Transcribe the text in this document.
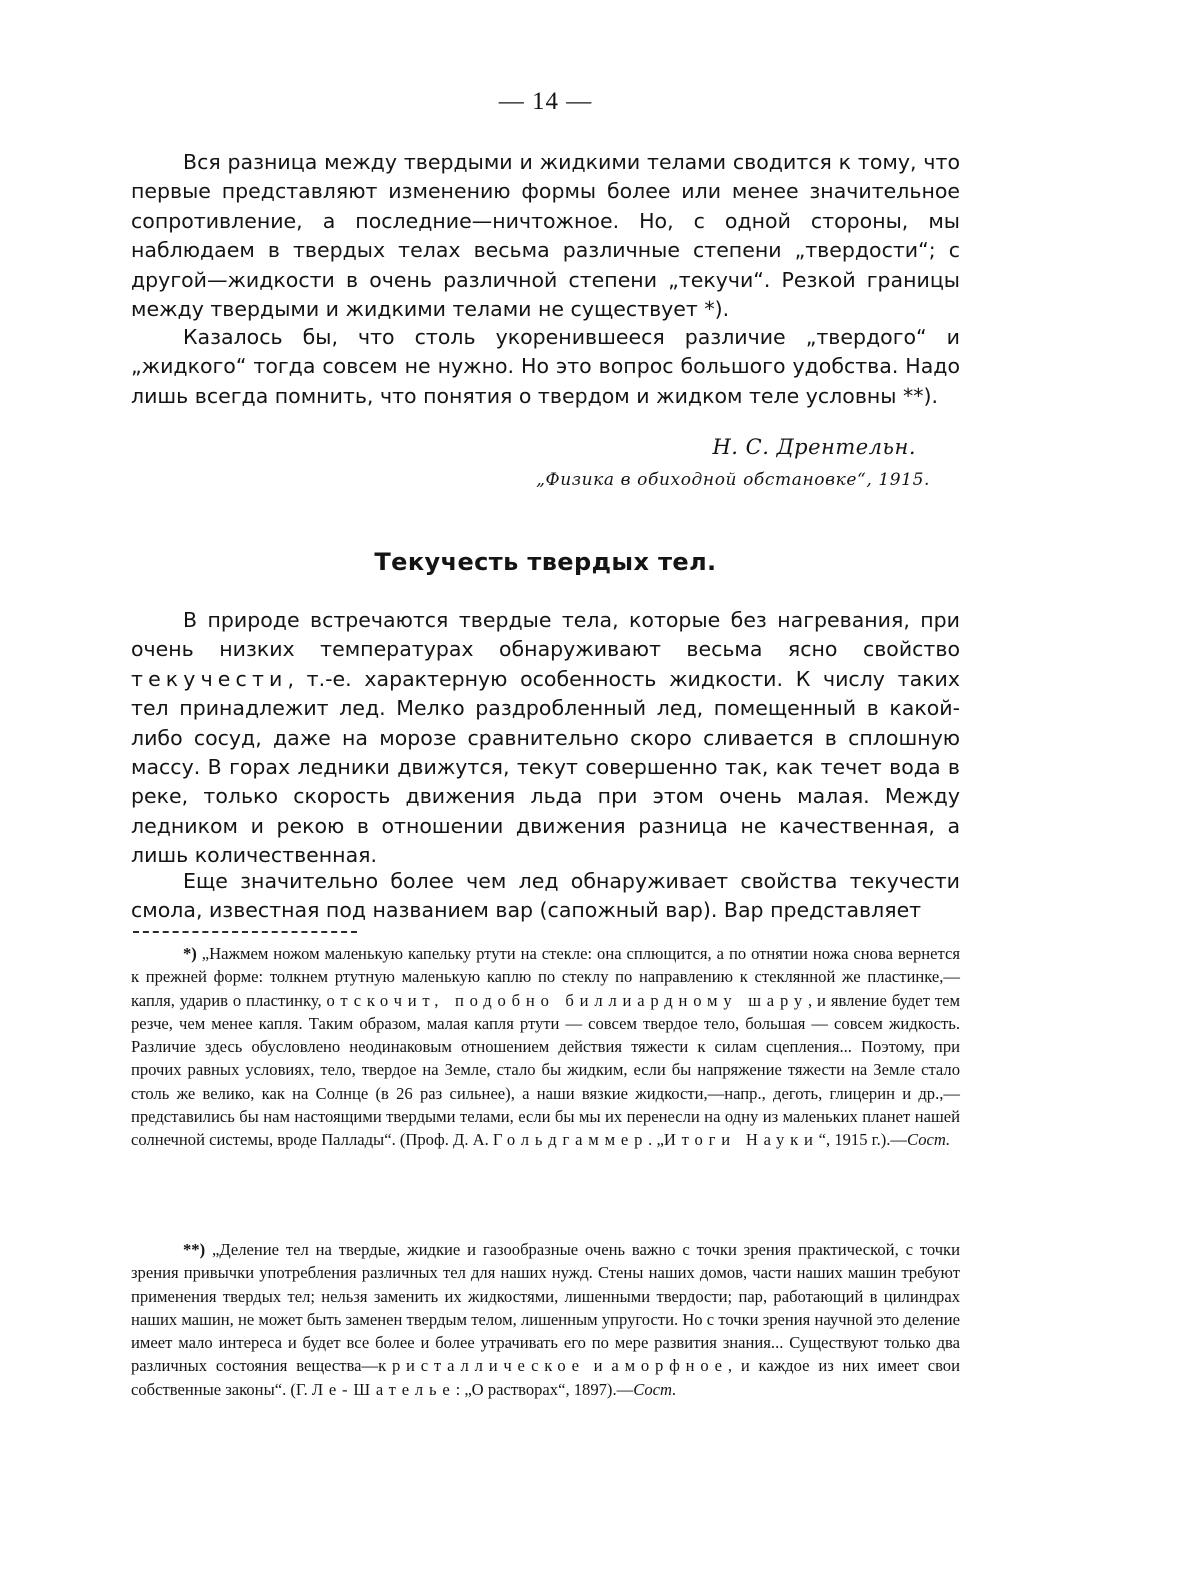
— 14 —

Вся разница между твердыми и жидкими телами сводится к тому, что первые представляют изменению формы более или менее значительное сопротивление, а последние—ничтожное. Но, с одной стороны, мы наблюдаем в твердых телах весьма различные степени „твердости“; с другой—жидкости в очень различной степени „текучи“. Резкой границы между твердыми и жидкими телами не существует *).

Казалось бы, что столь укоренившееся различие „твердого“ и „жидкого“ тогда совсем не нужно. Но это вопрос большого удобства. Надо лишь всегда помнить, что понятия о твердом и жидком теле условны **).

Н. С. Дрентельн.
„Физика в обиходной обстановке“, 1915.
Текучесть твердых тел.

В природе встречаются твердые тела, которые без нагревания, при очень низких температурах обнаруживают весьма ясно свойство текучести, т.-е. характерную особенность жидкости. К числу таких тел принадлежит лед. Мелко раздробленный лед, помещенный в какой-либо сосуд, даже на морозе сравнительно скоро сливается в сплошную массу. В горах ледники движутся, текут совершенно так, как течет вода в реке, только скорость движения льда при этом очень малая. Между ледником и рекою в отношении движения разница не качественная, а лишь количественная.

Еще значительно более чем лед обнаруживает свойства текучести смола, известная под названием вар (сапожный вар). Вар представляет

*) „Нажмем ножом маленькую капельку ртути на стекле: она сплющится, а по отнятии ножа снова вернется к прежней форме: толкнем ртутную маленькую каплю по стеклу по направлению к стеклянной же пластинке,—капля, ударив о пластинку, отскочит, подобно биллиардному шару, и явление будет тем резче, чем менее капля. Таким образом, малая капля ртути — совсем твердое тело, большая — совсем жидкость. Различие здесь обусловлено неодинаковым отношением действия тяжести к силам сцепления... Поэтому, при прочих равных условиях, тело, твердое на Земле, стало бы жидким, если бы напряжение тяжести на Земле стало столь же велико, как на Солнце (в 26 раз сильнее), а наши вязкие жидкости,—напр., деготь, глицерин и др.,—представились бы нам настоящими твердыми телами, если бы мы их перенесли на одну из маленьких планет нашей солнечной системы, вроде Паллады“. (Проф. Д. А. Гольдгаммер. „Итоги Науки“, 1915 г.).—Сост.

**) „Деление тел на твердые, жидкие и газообразные очень важно с точки зрения практической, с точки зрения привычки употребления различных тел для наших нужд. Стены наших домов, части наших машин требуют применения твердых тел; нельзя заменить их жидкостями, лишенными твердости; пар, работающий в цилиндрах наших машин, не может быть заменен твердым телом, лишенным упругости. Но с точки зрения научной это деление имеет мало интереса и будет все более и более утрачивать его по мере развития знания... Существуют только два различных состояния вещества—кристаллическое и аморфное, и каждое из них имеет свои собственные законы“. (Г. Ле-Шателье: „О растворах“, 1897).—Сост.
